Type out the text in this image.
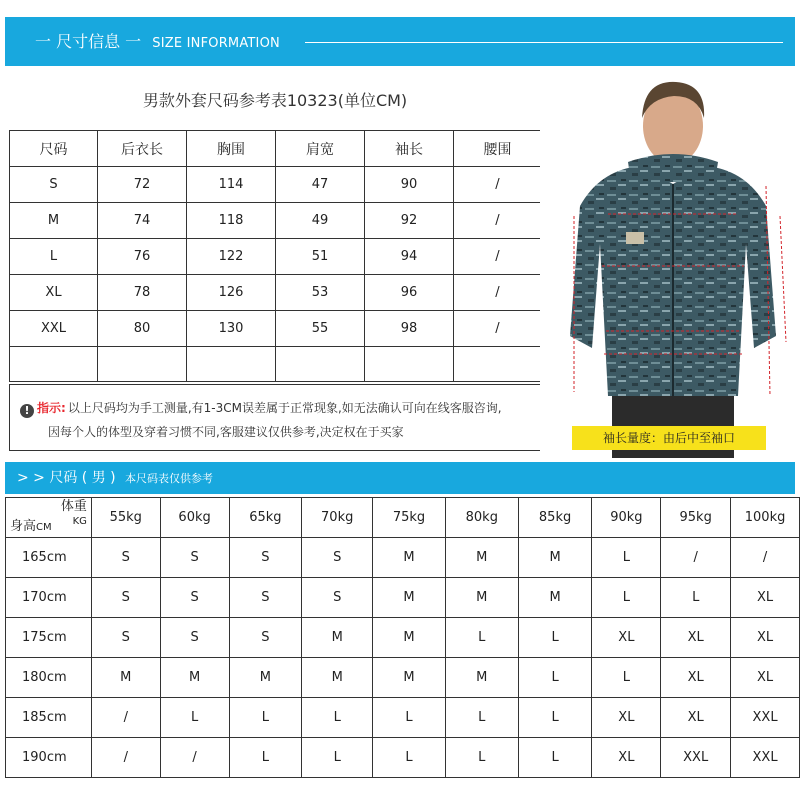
一 尺寸信息 一 SIZE INFORMATION
男款外套尺码参考表10323(单位CM)
尺码	后衣长	胸围	肩宽	袖长	腰围
S	72	114	47	90	/
M	74	118	49	92	/
L	76	122	51	94	/
XL	78	126	53	96	/
XXL	80	130	55	98	/

! 指示: 以上尺码均为手工测量,有1-3CM误差属于正常现象,如无法确认可向在线客服咨询,
因每个人的体型及穿着习惯不同,客服建议仅供参考,决定权在于买家	袖长量度：由后中至袖口
> > 尺码 ( 男 ) 本尺码表仅供参考
体重
KG
身高CM	55kg	60kg	65kg	70kg	75kg	80kg	85kg	90kg	95kg	100kg
165cm	S	S	S	S	M	M	M	L	/	/
170cm	S	S	S	S	M	M	M	L	L	XL
175cm	S	S	S	M	M	L	L	XL	XL	XL
180cm	M	M	M	M	M	M	L	L	XL	XL
185cm	/	L	L	L	L	L	L	XL	XL	XXL
190cm	/	/	L	L	L	L	L	XL	XXL	XXL
